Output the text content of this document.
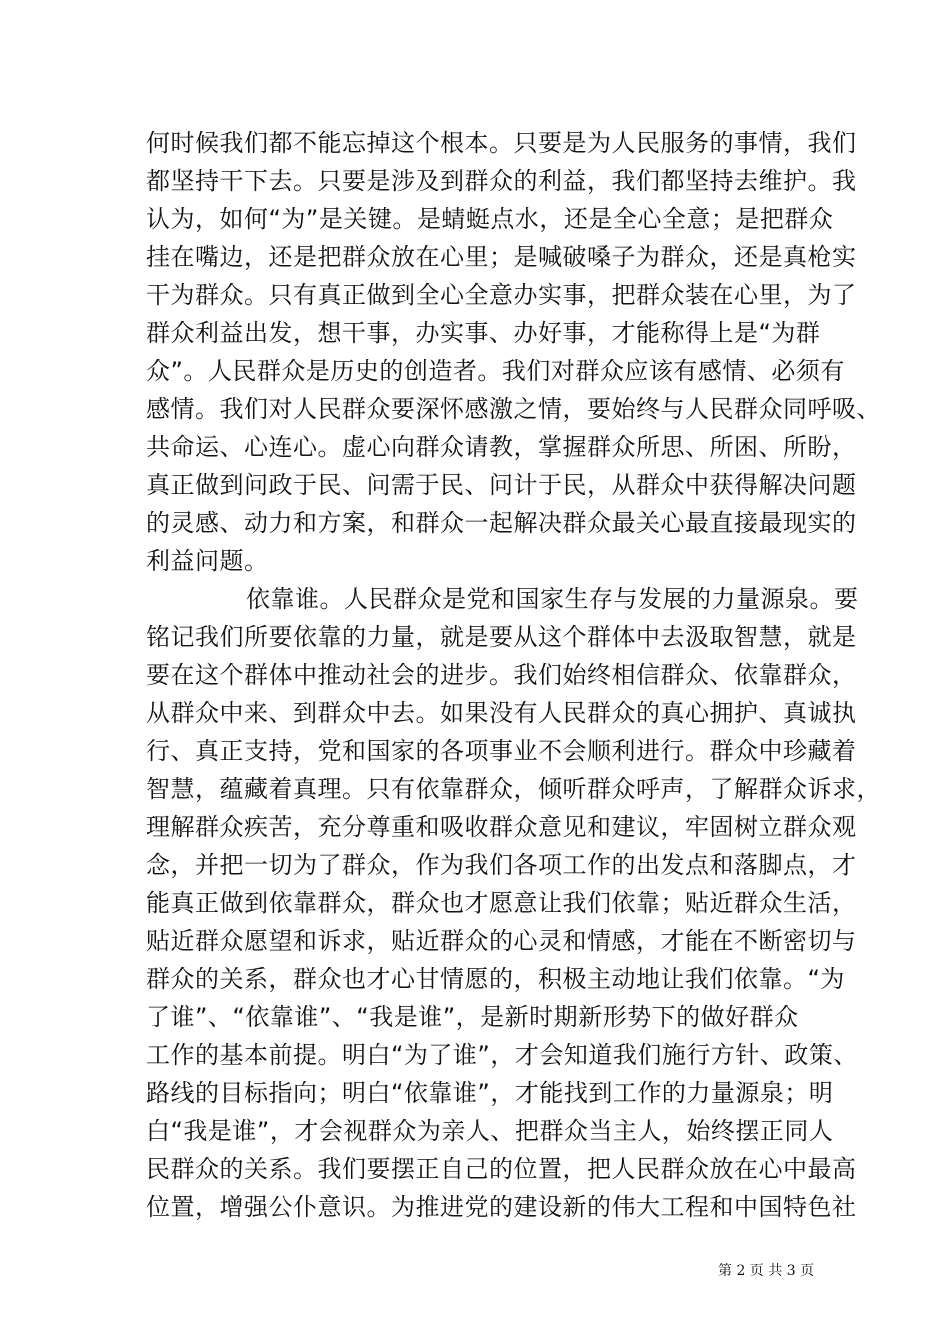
何时候我们都不能忘掉这个根本。只要是为人民服务的事情，我们
都坚持干下去。只要是涉及到群众的利益，我们都坚持去维护。我
认为，如何“为”是关键。是蜻蜓点水，还是全心全意；是把群众
挂在嘴边，还是把群众放在心里；是喊破嗓子为群众，还是真枪实
干为群众。只有真正做到全心全意办实事，把群众装在心里，为了
群众利益出发，想干事，办实事、办好事，才能称得上是“为群
众”。人民群众是历史的创造者。我们对群众应该有感情、必须有
感情。我们对人民群众要深怀感激之情，要始终与人民群众同呼吸、
共命运、心连心。虚心向群众请教，掌握群众所思、所困、所盼，
真正做到问政于民、问需于民、问计于民，从群众中获得解决问题
的灵感、动力和方案，和群众一起解决群众最关心最直接最现实的
利益问题。
依靠谁。人民群众是党和国家生存与发展的力量源泉。要
铭记我们所要依靠的力量，就是要从这个群体中去汲取智慧，就是
要在这个群体中推动社会的进步。我们始终相信群众、依靠群众，
从群众中来、到群众中去。如果没有人民群众的真心拥护、真诚执
行、真正支持，党和国家的各项事业不会顺利进行。群众中珍藏着
智慧，蕴藏着真理。只有依靠群众，倾听群众呼声，了解群众诉求，
理解群众疾苦，充分尊重和吸收群众意见和建议，牢固树立群众观
念，并把一切为了群众，作为我们各项工作的出发点和落脚点，才
能真正做到依靠群众，群众也才愿意让我们依靠；贴近群众生活，
贴近群众愿望和诉求，贴近群众的心灵和情感，才能在不断密切与
群众的关系，群众也才心甘情愿的，积极主动地让我们依靠。“为
了谁”、“依靠谁”、“我是谁”，是新时期新形势下的做好群众
工作的基本前提。明白“为了谁”，才会知道我们施行方针、政策、
路线的目标指向；明白“依靠谁”，才能找到工作的力量源泉；明
白“我是谁”，才会视群众为亲人、把群众当主人，始终摆正同人
民群众的关系。我们要摆正自己的位置，把人民群众放在心中最高
位置，增强公仆意识。为推进党的建设新的伟大工程和中国特色社
第 2 页 共 3 页
